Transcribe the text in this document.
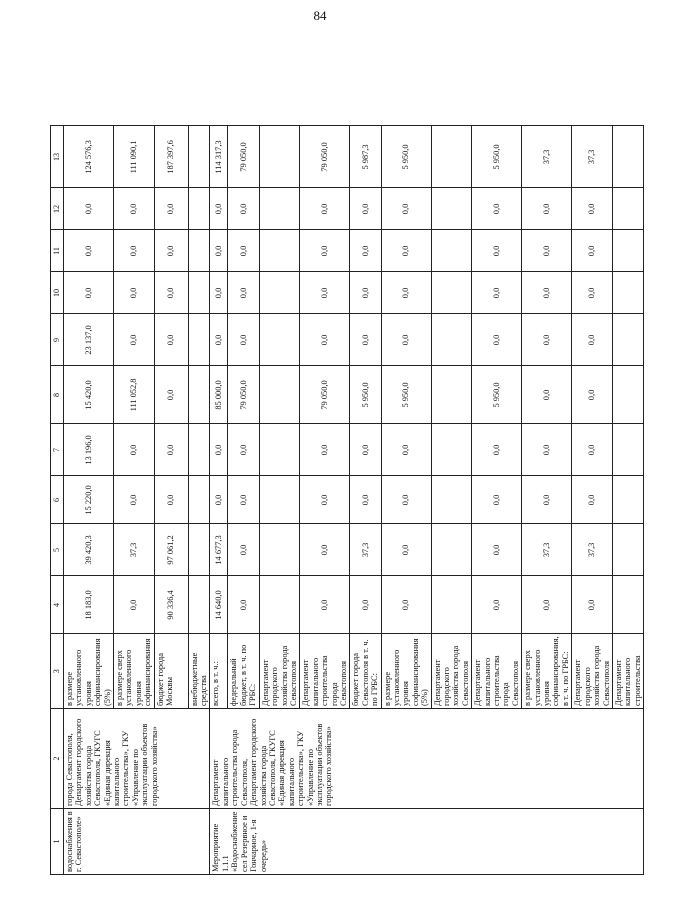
84
1	2	3	4	5	6	7	8	9	10	11	12	13
водоснабжения в г. Севастополе»	города Севастополя, Департамент городского хозяйства города Севастополя, ГКУГС «Единая дирекция капитального строительства», ГКУ «Управление по эксплуатации объектов городского хозяйства»	в размере установленного уровня софинансирования (5%)	18 183,0	39 420,3	15 220,0	13 196,0	15 420,0	23 137,0	0,0	0,0	0,0	124 576,3
		в размере сверх установленного уровня софинансирования	0,0	37,3	0,0	0,0	111 052,8	0,0	0,0	0,0	0,0	111 090,1
		бюджет города Москвы	90 336,4	97 061,2	0,0	0,0	0,0	0,0	0,0	0,0	0,0	187 397,6
		внебюджетные средства										
Мероприятие 1.1.1 «Водоснабжение сел Резервное и Гончарное, 1-я очередь»	Департамент капитального строительства города Севастополя, Департамент городского хозяйства города Севастополя, ГКУГС «Единая дирекция капитального строительства», ГКУ «Управление по эксплуатации объектов городского хозяйства»	всего, в т. ч.:	14 640,0	14 677,3	0,0	0,0	85 000,0	0,0	0,0	0,0	0,0	114 317,3
		федеральный бюджет, в т. ч. по ГРБС:	0,0	0,0	0,0	0,0	79 050,0	0,0	0,0	0,0	0,0	79 050,0
		Департамент городского хозяйства города Севастополя										
		Департамент капитального строительства города Севастополя	0,0	0,0	0,0	0,0	79 050,0	0,0	0,0	0,0	0,0	79 050,0
		бюджет города Севастополя в т. ч. по ГРБС:	0,0	37,3	0,0	0,0	5 950,0	0,0	0,0	0,0	0,0	5 987,3
		в размере установленного уровня софинансирования (5%)	0,0	0,0	0,0	0,0	5 950,0	0,0	0,0	0,0	0,0	5 950,0
		Департамент городского хозяйства города Севастополя										
		Департамент капитального строительства города Севастополя	0,0	0,0	0,0	0,0	5 950,0	0,0	0,0	0,0	0,0	5 950,0
		в размере сверх установленного уровня софинансирования, в т. ч. по ГРБС:	0,0	37,3	0,0	0,0	0,0	0,0	0,0	0,0	0,0	37,3
		Департамент городского хозяйства города Севастополя	0,0	37,3	0,0	0,0	0,0	0,0	0,0	0,0	0,0	37,3
		Департамент капитального строительства										
